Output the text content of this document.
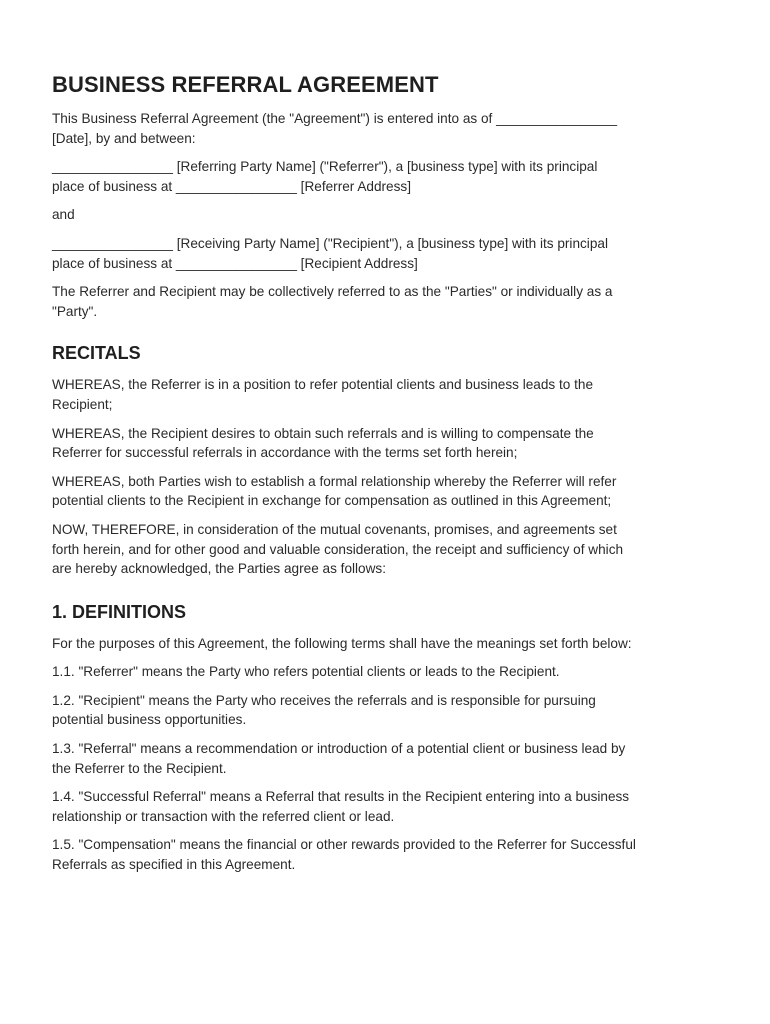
BUSINESS REFERRAL AGREEMENT

This Business Referral Agreement (the "Agreement") is entered into as of ________________
[Date], by and between:

________________ [Referring Party Name] ("Referrer"), a [business type] with its principal
place of business at ________________ [Referrer Address]

and

________________ [Receiving Party Name] ("Recipient"), a [business type] with its principal
place of business at ________________ [Recipient Address]

The Referrer and Recipient may be collectively referred to as the "Parties" or individually as a
"Party".

RECITALS

WHEREAS, the Referrer is in a position to refer potential clients and business leads to the
Recipient;

WHEREAS, the Recipient desires to obtain such referrals and is willing to compensate the
Referrer for successful referrals in accordance with the terms set forth herein;

WHEREAS, both Parties wish to establish a formal relationship whereby the Referrer will refer
potential clients to the Recipient in exchange for compensation as outlined in this Agreement;

NOW, THEREFORE, in consideration of the mutual covenants, promises, and agreements set
forth herein, and for other good and valuable consideration, the receipt and sufficiency of which
are hereby acknowledged, the Parties agree as follows:

1. DEFINITIONS

For the purposes of this Agreement, the following terms shall have the meanings set forth below:

1.1. "Referrer" means the Party who refers potential clients or leads to the Recipient.

1.2. "Recipient" means the Party who receives the referrals and is responsible for pursuing
potential business opportunities.

1.3. "Referral" means a recommendation or introduction of a potential client or business lead by
the Referrer to the Recipient.

1.4. "Successful Referral" means a Referral that results in the Recipient entering into a business
relationship or transaction with the referred client or lead.

1.5. "Compensation" means the financial or other rewards provided to the Referrer for Successful
Referrals as specified in this Agreement.
